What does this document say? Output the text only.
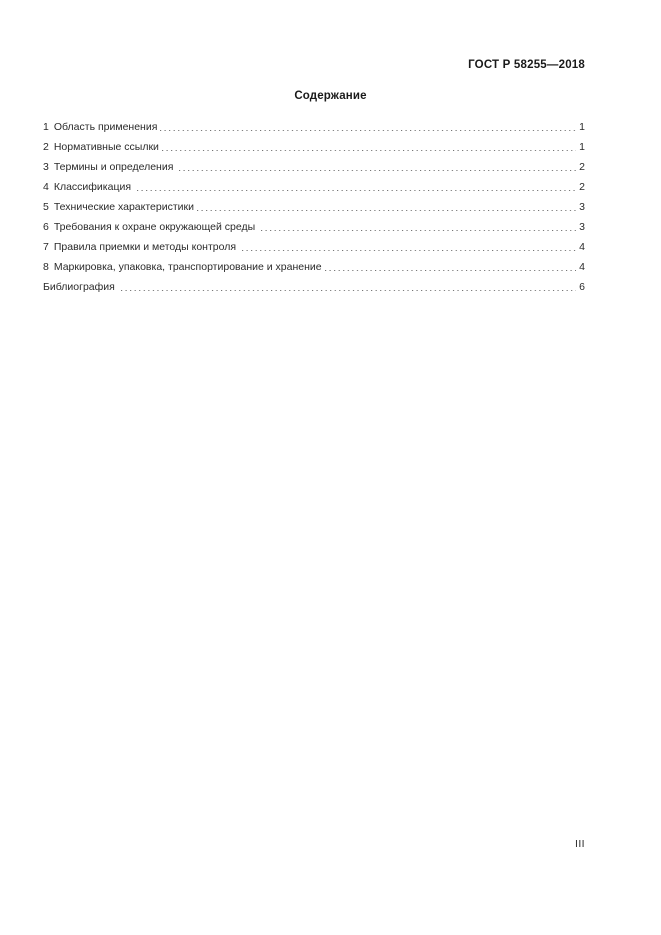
ГОСТ Р 58255—2018
Содержание
1 Область применения	1
2 Нормативные ссылки	1
3 Термины и определения	2
4 Классификация	2
5 Технические характеристики	3
6 Требования к охране окружающей среды	3
7 Правила приемки и методы контроля	4
8 Маркировка, упаковка, транспортирование и хранение	4
Библиография	6
III
